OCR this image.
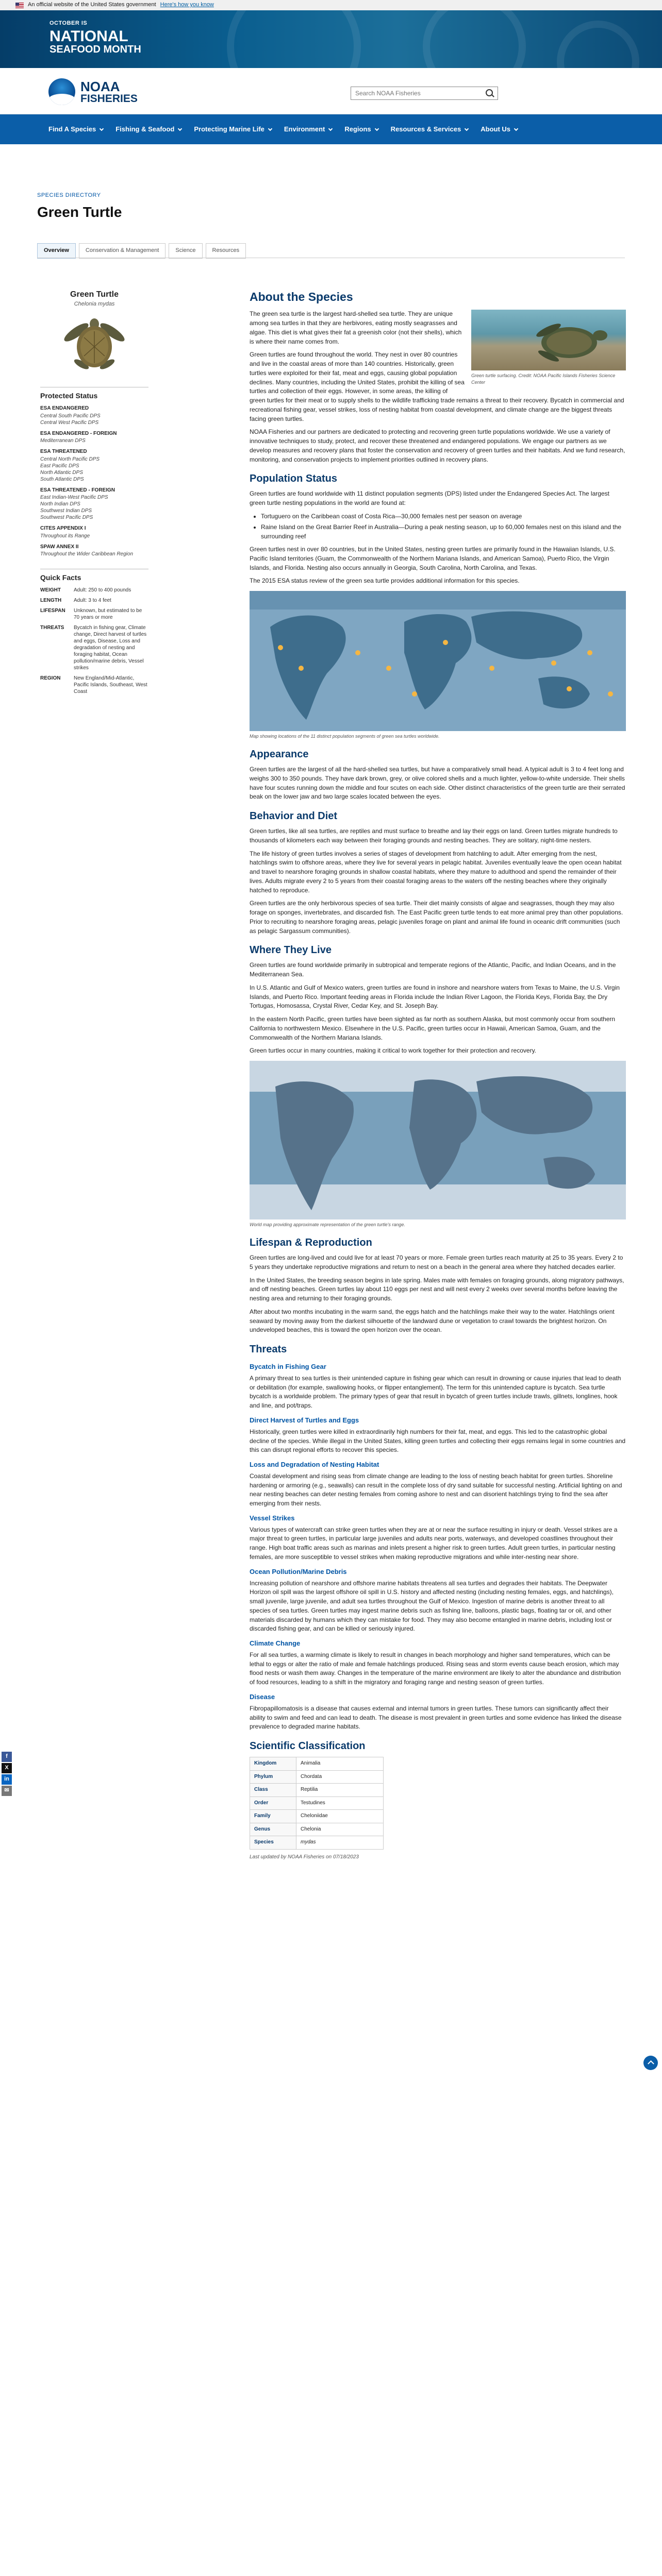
An official website of the United States government Here's how you know
OCTOBER IS
NATIONAL
SEAFOOD MONTH
NOAA
FISHERIES
Search NOAA Fisheries
Find A Species	Fishing & Seafood	Protecting Marine Life	Environment	Regions	Resources & Services	About Us
SPECIES DIRECTORY
Green Turtle
Overview	Conservation & Management	Science	Resources
Green Turtle
Chelonia mydas
Protected Status
ESA ENDANGERED
Central South Pacific DPS
Central West Pacific DPS
ESA ENDANGERED - FOREIGN
Mediterranean DPS
ESA THREATENED
Central North Pacific DPS
East Pacific DPS
North Atlantic DPS
South Atlantic DPS
ESA THREATENED - FOREIGN
East Indian-West Pacific DPS
North Indian DPS
Southwest Indian DPS
Southwest Pacific DPS
CITES APPENDIX I
Throughout its Range
SPAW ANNEX II
Throughout the Wider Caribbean Region
Quick Facts
WEIGHT	Adult: 250 to 400 pounds
LENGTH	Adult: 3 to 4 feet
LIFESPAN	Unknown, but estimated to be 70 years or more
THREATS	Bycatch in fishing gear, Climate change, Direct harvest of turtles and eggs, Disease, Loss and degradation of nesting and foraging habitat, Ocean pollution/marine debris, Vessel strikes
REGION	New England/Mid-Atlantic, Pacific Islands, Southeast, West Coast
f
X
in
✉
About the Species
Green turtle surfacing. Credit: NOAA Pacific Islands Fisheries Science Center

The green sea turtle is the largest hard-shelled sea turtle. They are unique among sea turtles in that they are herbivores, eating mostly seagrasses and algae. This diet is what gives their fat a greenish color (not their shells), which is where their name comes from.

Green turtles are found throughout the world. They nest in over 80 countries and live in the coastal areas of more than 140 countries. Historically, green turtles were exploited for their fat, meat and eggs, causing global population declines. Many countries, including the United States, prohibit the killing of sea turtles and collection of their eggs. However, in some areas, the killing of green turtles for their meat or to supply shells to the wildlife trafficking trade remains a threat to their recovery. Bycatch in commercial and recreational fishing gear, vessel strikes, loss of nesting habitat from coastal development, and climate change are the biggest threats facing green turtles.

NOAA Fisheries and our partners are dedicated to protecting and recovering green turtle populations worldwide. We use a variety of innovative techniques to study, protect, and recover these threatened and endangered populations. We engage our partners as we develop measures and recovery plans that foster the conservation and recovery of green turtles and their habitats. And we fund research, monitoring, and conservation projects to implement priorities outlined in recovery plans.

Population Status

Green turtles are found worldwide with 11 distinct population segments (DPS) listed under the Endangered Species Act. The largest green turtle nesting populations in the world are found at:

• Tortuguero on the Caribbean coast of Costa Rica—30,000 females nest per season on average
• Raine Island on the Great Barrier Reef in Australia—During a peak nesting season, up to 60,000 females nest on this island and the surrounding reef

Green turtles nest in over 80 countries, but in the United States, nesting green turtles are primarily found in the Hawaiian Islands, U.S. Pacific Island territories (Guam, the Commonwealth of the Northern Mariana Islands, and American Samoa), Puerto Rico, the Virgin Islands, and Florida. Nesting also occurs annually in Georgia, South Carolina, North Carolina, and Texas.

The 2015 ESA status review of the green sea turtle provides additional information for this species.

Map showing locations of the 11 distinct population segments of green sea turtles worldwide.
Appearance

Green turtles are the largest of all the hard-shelled sea turtles, but have a comparatively small head. A typical adult is 3 to 4 feet long and weighs 300 to 350 pounds. They have dark brown, grey, or olive colored shells and a much lighter, yellow-to-white underside. Their shells have four scutes running down the middle and four scutes on each side. Other distinct characteristics of the green turtle are their serrated beak on the lower jaw and two large scales located between the eyes.

Behavior and Diet

Green turtles, like all sea turtles, are reptiles and must surface to breathe and lay their eggs on land. Green turtles migrate hundreds to thousands of kilometers each way between their foraging grounds and nesting beaches. They are solitary, night-time nesters.

The life history of green turtles involves a series of stages of development from hatchling to adult. After emerging from the nest, hatchlings swim to offshore areas, where they live for several years in pelagic habitat. Juveniles eventually leave the open ocean habitat and travel to nearshore foraging grounds in shallow coastal habitats, where they mature to adulthood and spend the remainder of their lives. Adults migrate every 2 to 5 years from their coastal foraging areas to the waters off the nesting beaches where they originally hatched to reproduce.

Green turtles are the only herbivorous species of sea turtle. Their diet mainly consists of algae and seagrasses, though they may also forage on sponges, invertebrates, and discarded fish. The East Pacific green turtle tends to eat more animal prey than other populations. Prior to recruiting to nearshore foraging areas, pelagic juveniles forage on plant and animal life found in oceanic drift communities (such as pelagic Sargassum communities).

Where They Live

Green turtles are found worldwide primarily in subtropical and temperate regions of the Atlantic, Pacific, and Indian Oceans, and in the Mediterranean Sea.

In U.S. Atlantic and Gulf of Mexico waters, green turtles are found in inshore and nearshore waters from Texas to Maine, the U.S. Virgin Islands, and Puerto Rico. Important feeding areas in Florida include the Indian River Lagoon, the Florida Keys, Florida Bay, the Dry Tortugas, Homosassa, Crystal River, Cedar Key, and St. Joseph Bay.

In the eastern North Pacific, green turtles have been sighted as far north as southern Alaska, but most commonly occur from southern California to northwestern Mexico. Elsewhere in the U.S. Pacific, green turtles occur in Hawaii, American Samoa, Guam, and the Commonwealth of the Northern Mariana Islands.

Green turtles occur in many countries, making it critical to work together for their protection and recovery.

World map providing approximate representation of the green turtle's range.
Lifespan & Reproduction

Green turtles are long-lived and could live for at least 70 years or more. Female green turtles reach maturity at 25 to 35 years. Every 2 to 5 years they undertake reproductive migrations and return to nest on a beach in the general area where they hatched decades earlier.

In the United States, the breeding season begins in late spring. Males mate with females on foraging grounds, along migratory pathways, and off nesting beaches. Green turtles lay about 110 eggs per nest and will nest every 2 weeks over several months before leaving the nesting area and returning to their foraging grounds.

After about two months incubating in the warm sand, the eggs hatch and the hatchlings make their way to the water. Hatchlings orient seaward by moving away from the darkest silhouette of the landward dune or vegetation to crawl towards the brightest horizon. On undeveloped beaches, this is toward the open horizon over the ocean.

Threats
Bycatch in Fishing Gear

A primary threat to sea turtles is their unintended capture in fishing gear which can result in drowning or cause injuries that lead to death or debilitation (for example, swallowing hooks, or flipper entanglement). The term for this unintended capture is bycatch. Sea turtle bycatch is a worldwide problem. The primary types of gear that result in bycatch of green turtles include trawls, gillnets, longlines, hook and line, and pot/traps.

Direct Harvest of Turtles and Eggs

Historically, green turtles were killed in extraordinarily high numbers for their fat, meat, and eggs. This led to the catastrophic global decline of the species. While illegal in the United States, killing green turtles and collecting their eggs remains legal in some countries and this can disrupt regional efforts to recover this species.

Loss and Degradation of Nesting Habitat

Coastal development and rising seas from climate change are leading to the loss of nesting beach habitat for green turtles. Shoreline hardening or armoring (e.g., seawalls) can result in the complete loss of dry sand suitable for successful nesting. Artificial lighting on and near nesting beaches can deter nesting females from coming ashore to nest and can disorient hatchlings trying to find the sea after emerging from their nests.

Vessel Strikes

Various types of watercraft can strike green turtles when they are at or near the surface resulting in injury or death. Vessel strikes are a major threat to green turtles, in particular large juveniles and adults near ports, waterways, and developed coastlines throughout their range. High boat traffic areas such as marinas and inlets present a higher risk to green turtles. Adult green turtles, in particular nesting females, are more susceptible to vessel strikes when making reproductive migrations and while inter-nesting near shore.

Ocean Pollution/Marine Debris

Increasing pollution of nearshore and offshore marine habitats threatens all sea turtles and degrades their habitats. The Deepwater Horizon oil spill was the largest offshore oil spill in U.S. history and affected nesting (including nesting females, eggs, and hatchlings), small juvenile, large juvenile, and adult sea turtles throughout the Gulf of Mexico. Ingestion of marine debris is another threat to all species of sea turtles. Green turtles may ingest marine debris such as fishing line, balloons, plastic bags, floating tar or oil, and other materials discarded by humans which they can mistake for food. They may also become entangled in marine debris, including lost or discarded fishing gear, and can be killed or seriously injured.

Climate Change

For all sea turtles, a warming climate is likely to result in changes in beach morphology and higher sand temperatures, which can be lethal to eggs or alter the ratio of male and female hatchlings produced. Rising seas and storm events cause beach erosion, which may flood nests or wash them away. Changes in the temperature of the marine environment are likely to alter the abundance and distribution of food resources, leading to a shift in the migratory and foraging range and nesting season of green turtles.

Disease

Fibropapillomatosis is a disease that causes external and internal tumors in green turtles. These tumors can significantly affect their ability to swim and feed and can lead to death. The disease is most prevalent in green turtles and some evidence has linked the disease prevalence to degraded marine habitats.

Scientific Classification
Kingdom	Animalia
Phylum	Chordata
Class	Reptilia
Order	Testudines
Family	Cheloniidae
Genus	Chelonia
Species	mydas
Last updated by NOAA Fisheries on 07/18/2023
